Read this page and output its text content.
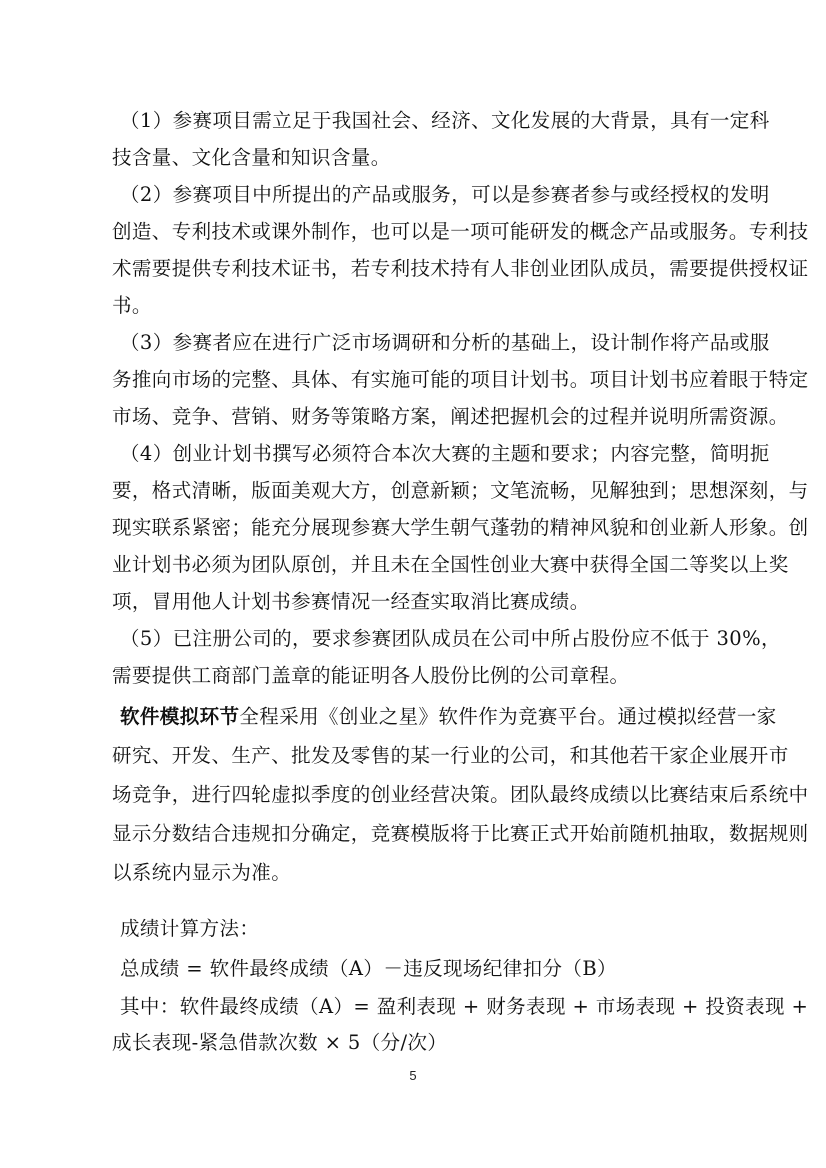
（1）参赛项目需立足于我国社会、经济、文化发展的大背景，具有一定科
技含量、文化含量和知识含量。
（2）参赛项目中所提出的产品或服务，可以是参赛者参与或经授权的发明
创造、专利技术或课外制作，也可以是一项可能研发的概念产品或服务。专利技
术需要提供专利技术证书，若专利技术持有人非创业团队成员，需要提供授权证
书。
（3）参赛者应在进行广泛市场调研和分析的基础上，设计制作将产品或服
务推向市场的完整、具体、有实施可能的项目计划书。项目计划书应着眼于特定
市场、竞争、营销、财务等策略方案，阐述把握机会的过程并说明所需资源。
（4）创业计划书撰写必须符合本次大赛的主题和要求；内容完整，简明扼
要，格式清晰，版面美观大方，创意新颖；文笔流畅，见解独到；思想深刻，与
现实联系紧密；能充分展现参赛大学生朝气蓬勃的精神风貌和创业新人形象。创
业计划书必须为团队原创，并且未在全国性创业大赛中获得全国二等奖以上奖
项，冒用他人计划书参赛情况一经查实取消比赛成绩。
（5）已注册公司的，要求参赛团队成员在公司中所占股份应不低于 30%，
需要提供工商部门盖章的能证明各人股份比例的公司章程。
软件模拟环节全程采用《创业之星》软件作为竞赛平台。通过模拟经营一家
研究、开发、生产、批发及零售的某一行业的公司，和其他若干家企业展开市
场竞争，进行四轮虚拟季度的创业经营决策。团队最终成绩以比赛结束后系统中
显示分数结合违规扣分确定，竞赛模版将于比赛正式开始前随机抽取，数据规则
以系统内显示为准。
成绩计算方法：
总成绩 = 软件最终成绩（A）－违反现场纪律扣分（B）
其中：软件最终成绩（A）= 盈利表现 + 财务表现 + 市场表现 + 投资表现 +
成长表现-紧急借款次数 × 5（分/次）
5
